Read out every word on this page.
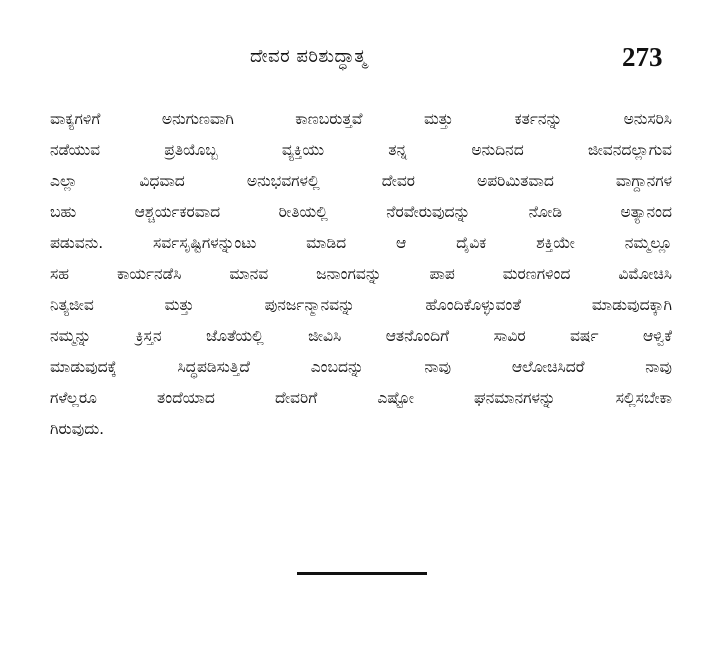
ದೇವರ ಪರಿಶುದ್ಧಾತ್ಮ	273
ವಾಕ್ಯಗಳಿಗೆ ಅನುಗುಣವಾಗಿ ಕಾಣಬರುತ್ತವೆ ಮತ್ತು ಕರ್ತನನ್ನು ಅನುಸರಿಸಿ
ನಡೆಯುವ ಪ್ರತಿಯೊಬ್ಬ ವ್ಯಕ್ತಿಯು ತನ್ನ ಅನುದಿನದ ಜೀವನದಲ್ಲಾಗುವ
ಎಲ್ಲಾ ವಿಧವಾದ ಅನುಭವಗಳಲ್ಲಿ ದೇವರ ಅಪರಿಮಿತವಾದ ವಾಗ್ದಾನಗಳ
ಬಹು ಆಶ್ಚರ್ಯಕರವಾದ ರೀತಿಯಲ್ಲಿ ನೆರವೇರುವುದನ್ನು ನೋಡಿ ಅತ್ಯಾನಂದ
ಪಡುವನು. ಸರ್ವಸೃಷ್ಟಿಗಳನ್ನುಂಟು ಮಾಡಿದ ಆ ದೈವಿಕ ಶಕ್ತಿಯೇ ನಮ್ಮಲ್ಲೂ
ಸಹ ಕಾರ್ಯನಡೆಸಿ ಮಾನವ ಜನಾಂಗವನ್ನು ಪಾಪ ಮರಣಗಳಿಂದ ವಿಮೋಚಿಸಿ
ನಿತ್ಯಜೀವ ಮತ್ತು ಪುನರ್ಜನ್ಮಾನವನ್ನು ಹೊಂದಿಕೊಳ್ಳುವಂತೆ ಮಾಡುವುದಕ್ಕಾಗಿ
ನಮ್ಮನ್ನು ಕ್ರಿಸ್ತನ ಜೊತೆಯಲ್ಲಿ ಜೀವಿಸಿ ಆತನೊಂದಿಗೆ ಸಾವಿರ ವರ್ಷ ಆಳ್ವಿಕೆ
ಮಾಡುವುದಕ್ಕೆ ಸಿದ್ಧಪಡಿಸುತ್ತಿದೆ ಎಂಬದನ್ನು ನಾವು ಆಲೋಚಿಸಿದರೆ ನಾವು
ಗಳೆಲ್ಲರೂ ತಂದೆಯಾದ ದೇವರಿಗೆ ಎಷ್ಟೋ ಘನಮಾನಗಳನ್ನು ಸಲ್ಲಿಸಬೇಕಾ
ಗಿರುವುದು.
